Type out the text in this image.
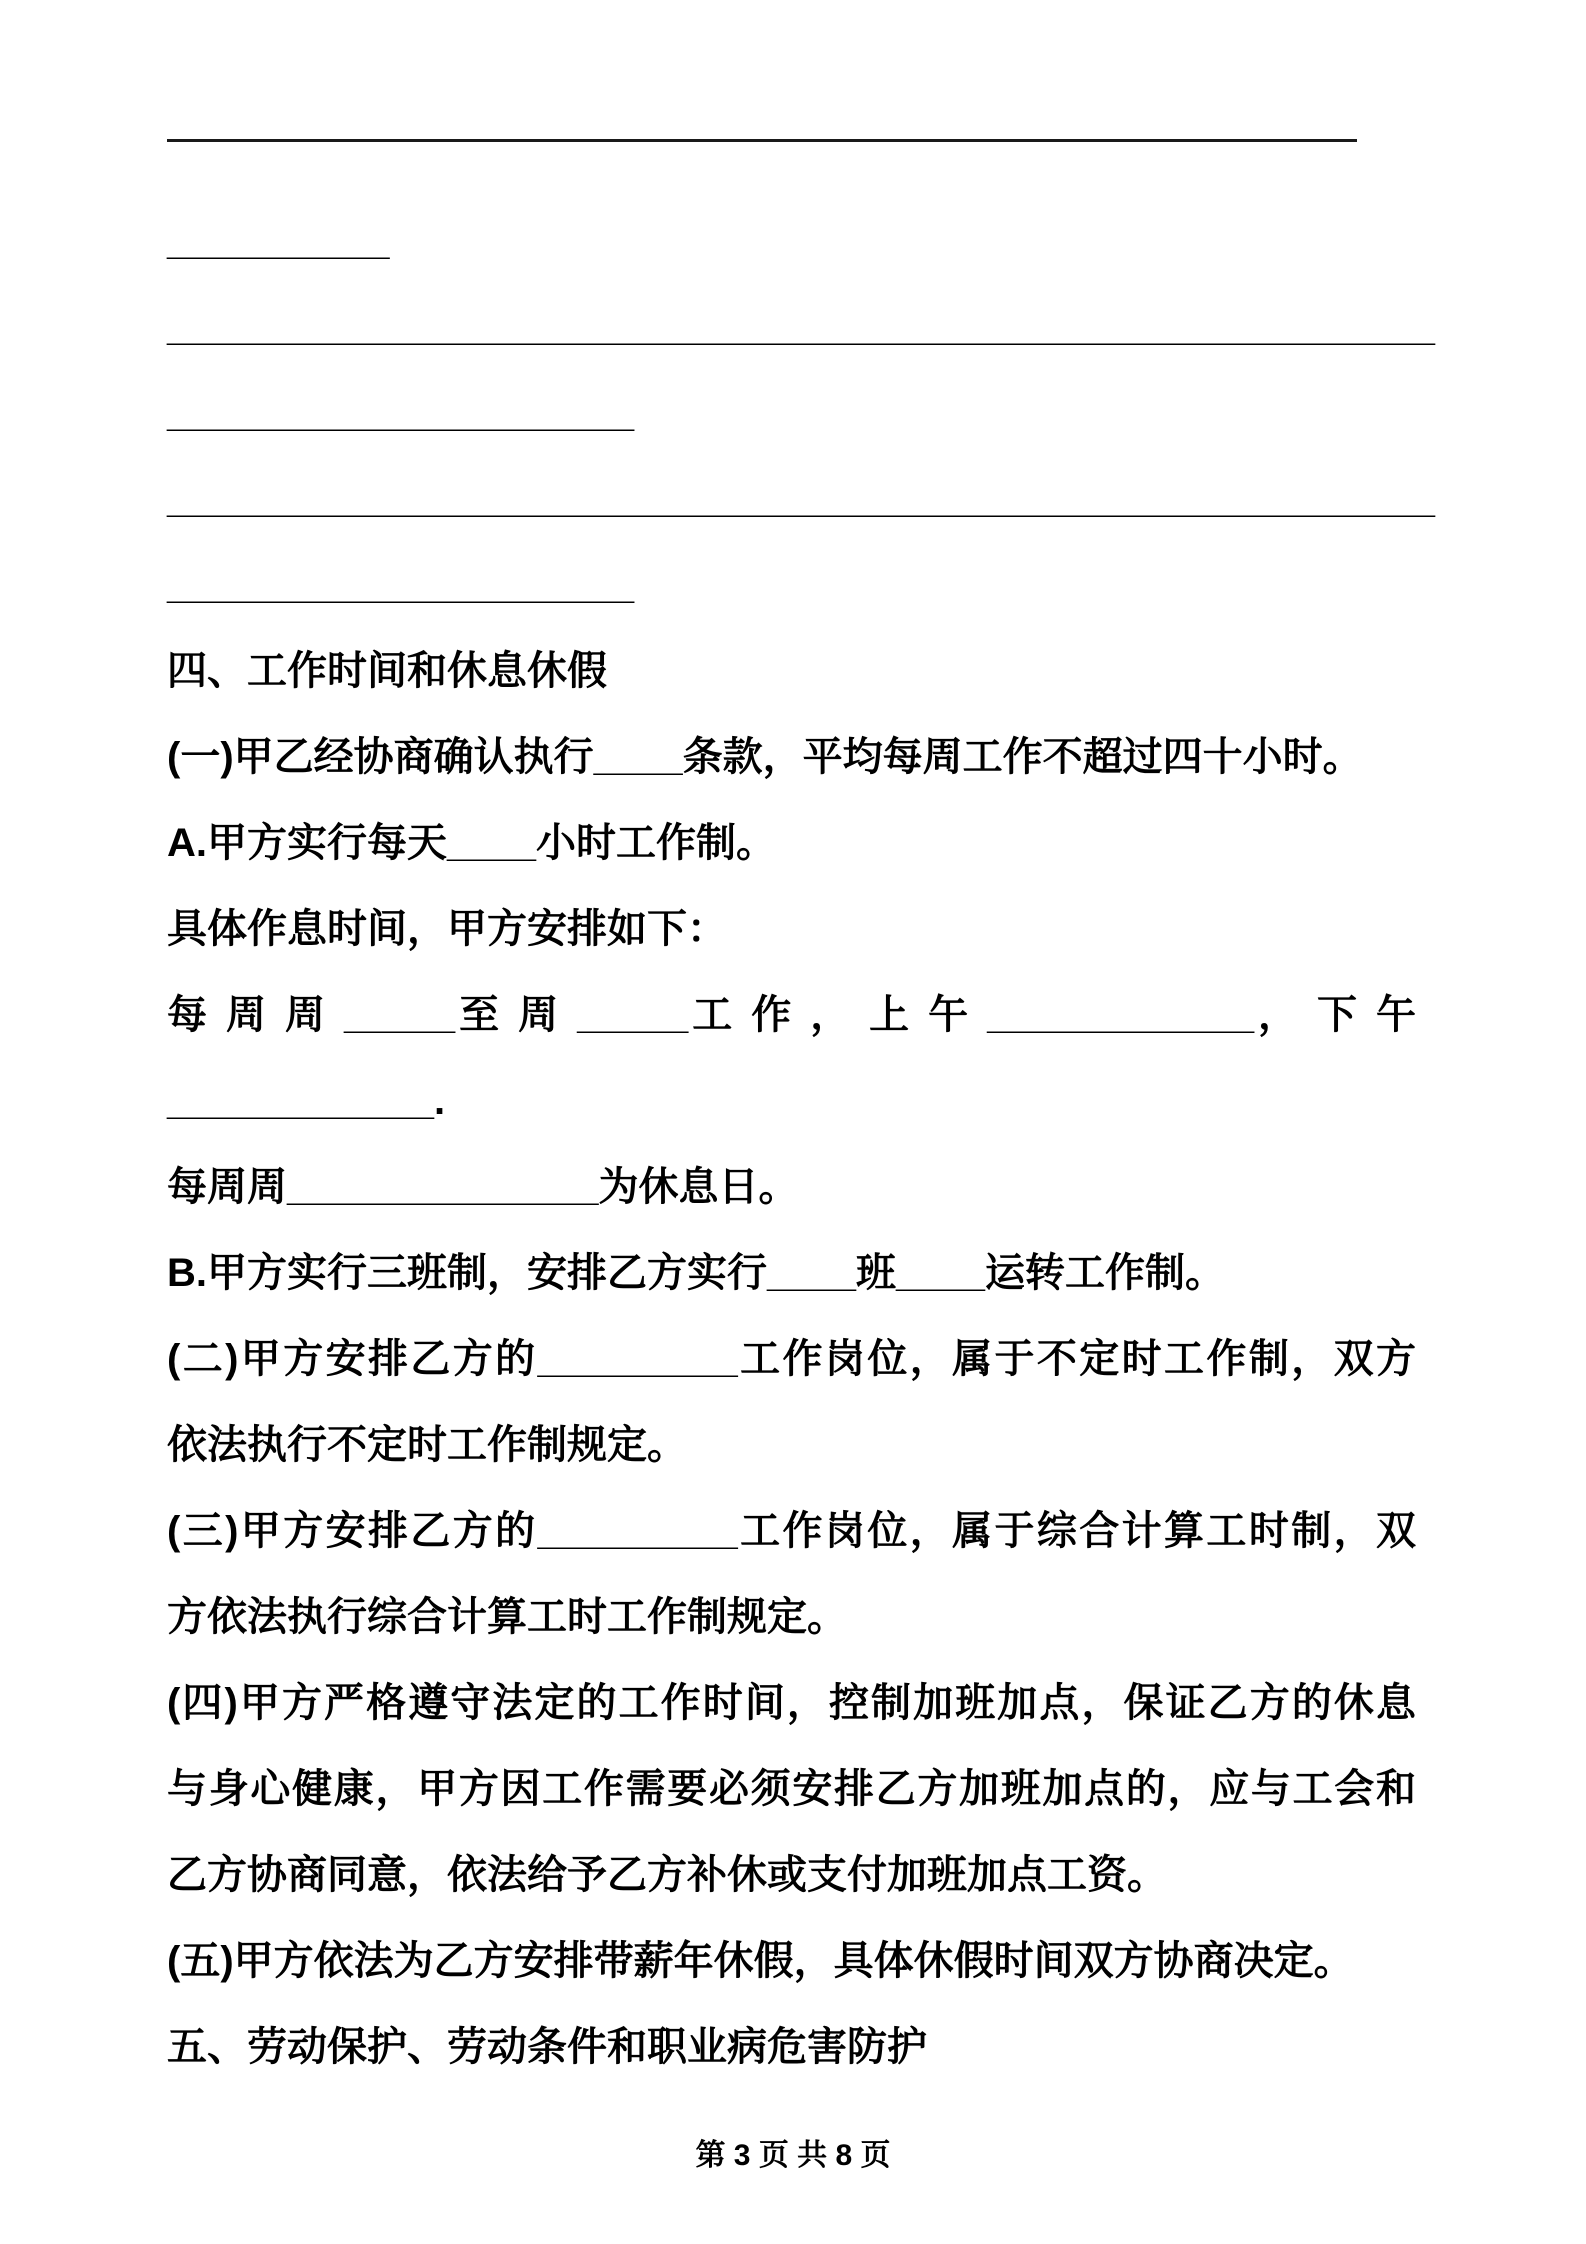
__________

_________________________________________________________

_____________________

_________________________________________________________

_____________________

四、工作时间和休息休假

(一)甲乙经协商确认执行____条款，平均每周工作不超过四十小时。

A.甲方实行每天____小时工作制。

具体作息时间，甲方安排如下：

每 周 周 _____至 周 _____工 作 ， 上 午 ____________， 下 午

____________.

每周周______________为休息日。

B.甲方实行三班制，安排乙方实行____班____运转工作制。

(二)甲方安排乙方的_________工作岗位，属于不定时工作制，双方

依法执行不定时工作制规定。

(三)甲方安排乙方的_________工作岗位，属于综合计算工时制，双

方依法执行综合计算工时工作制规定。

(四)甲方严格遵守法定的工作时间，控制加班加点，保证乙方的休息

与身心健康，甲方因工作需要必须安排乙方加班加点的，应与工会和

乙方协商同意，依法给予乙方补休或支付加班加点工资。

(五)甲方依法为乙方安排带薪年休假，具体休假时间双方协商决定。

五、劳动保护、劳动条件和职业病危害防护

第 3 页 共 8 页
